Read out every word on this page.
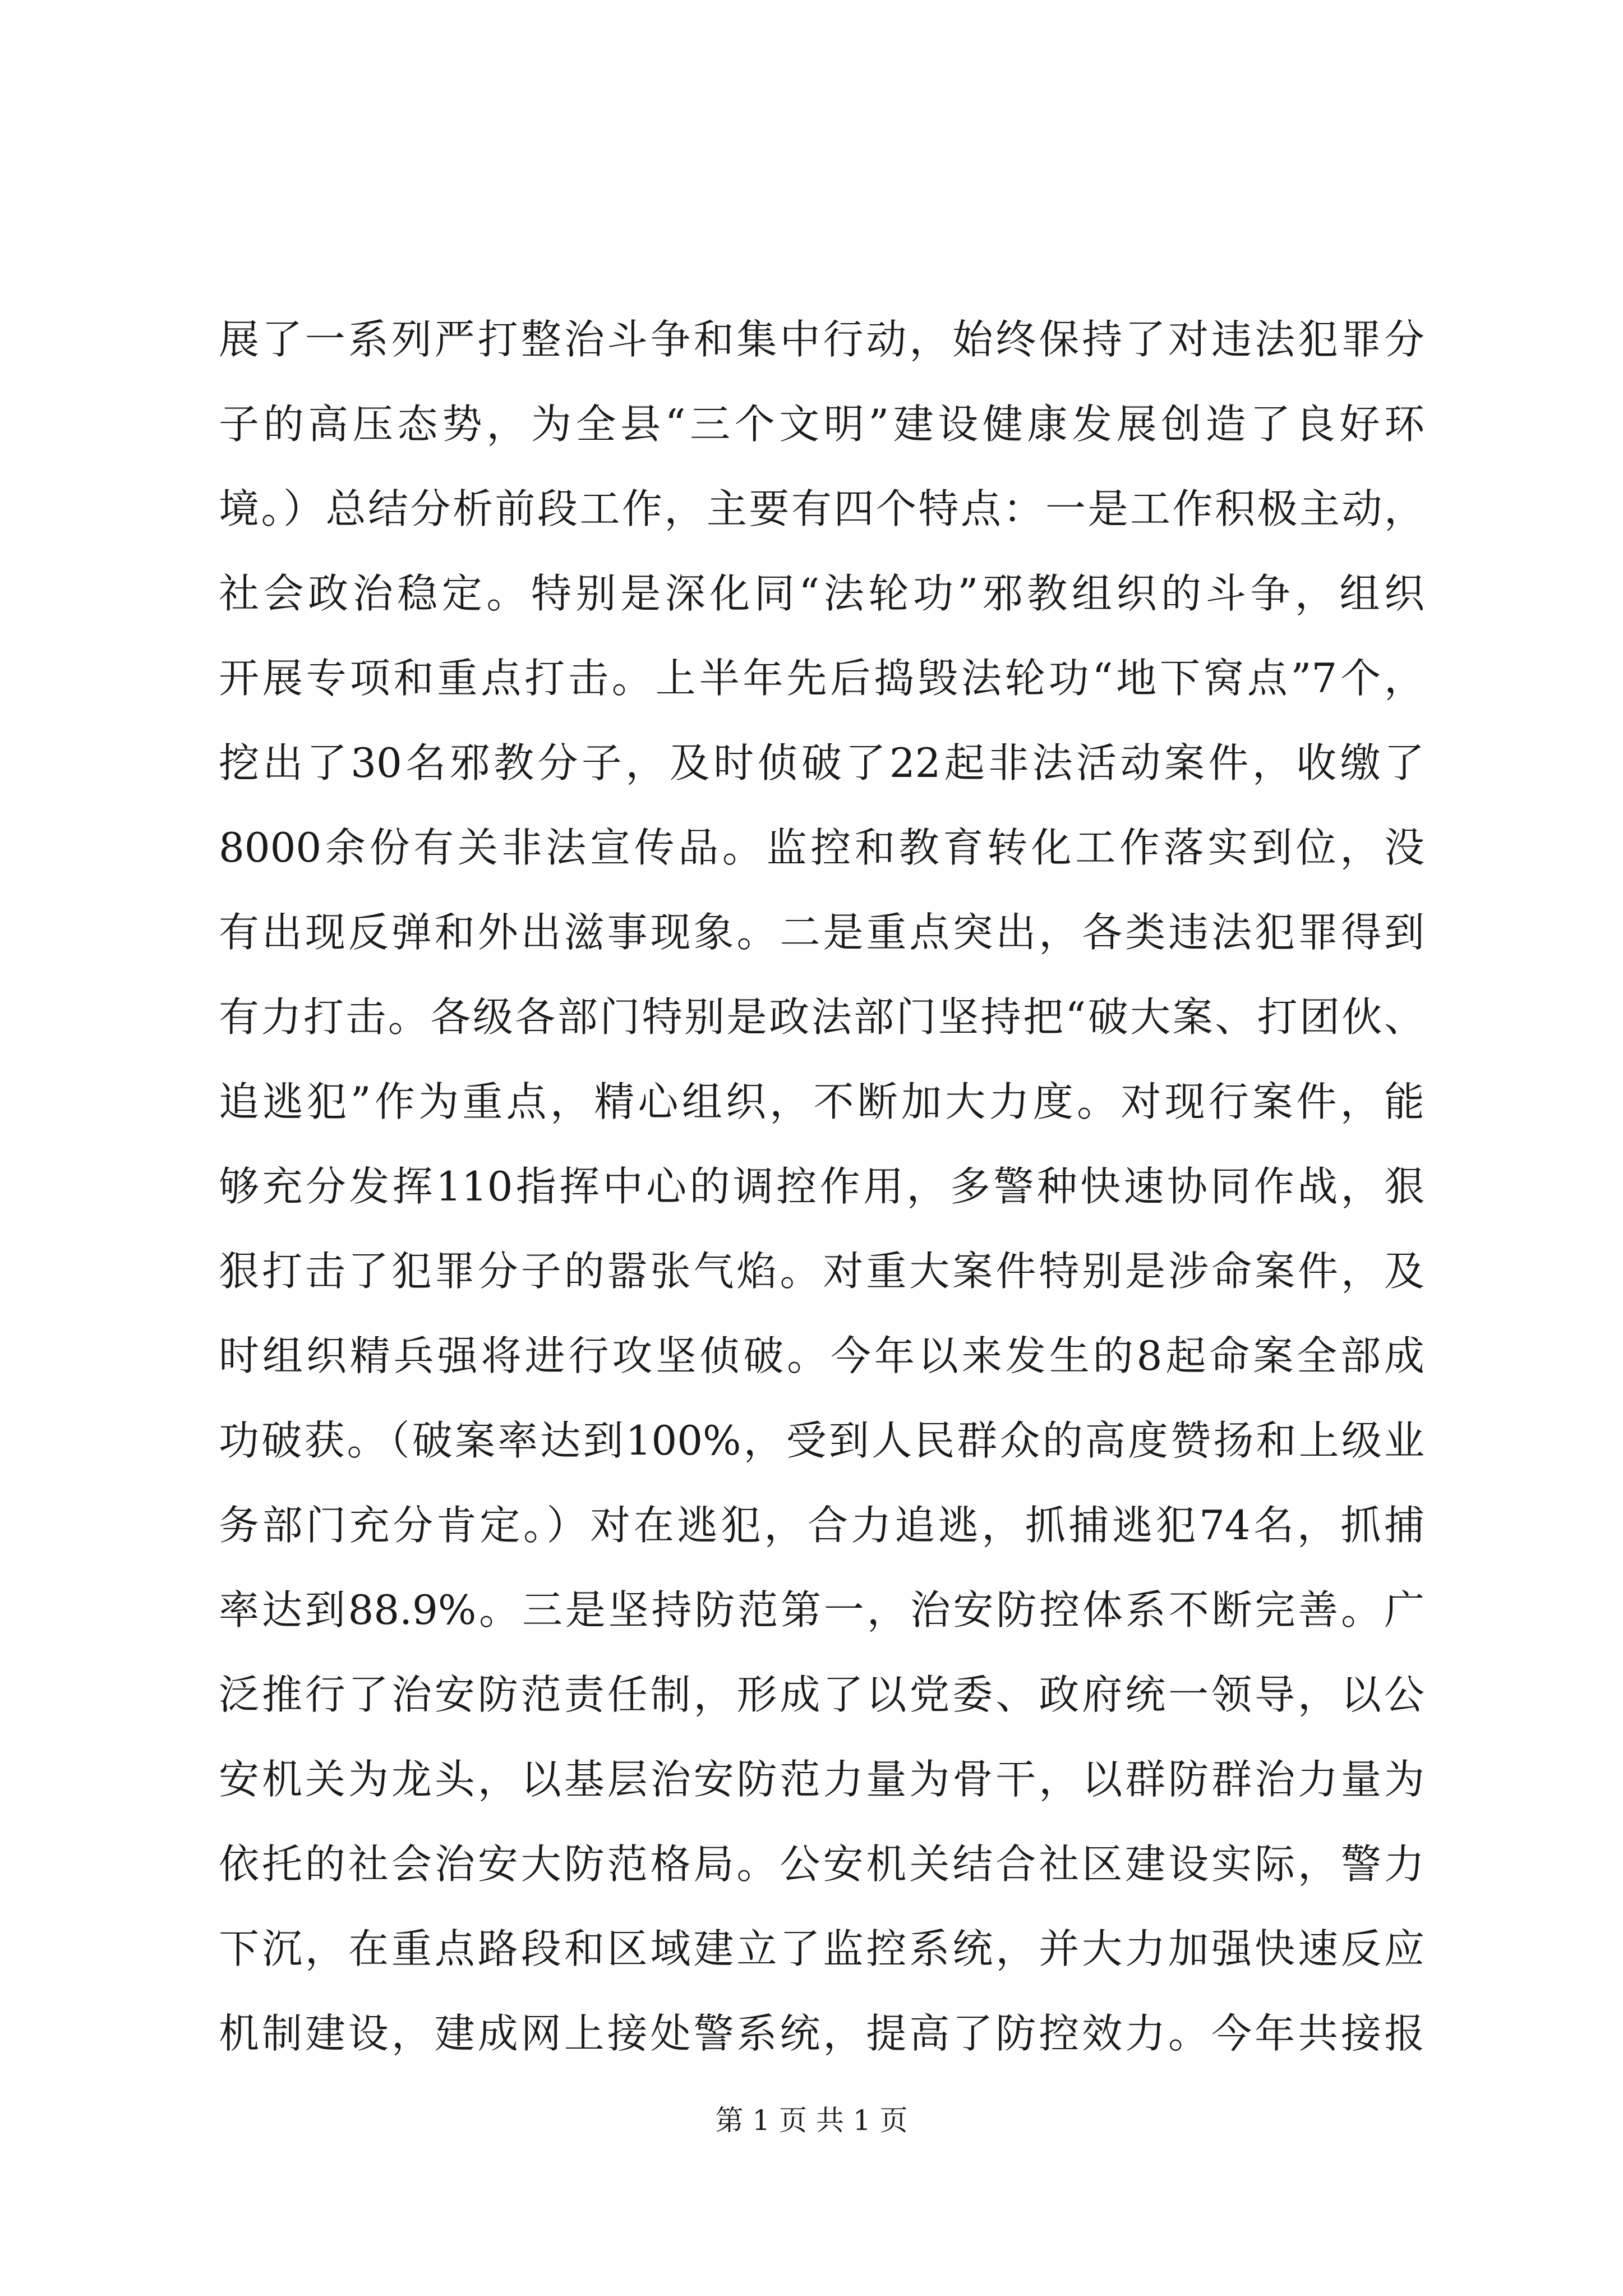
展了一系列严打整治斗争和集中行动，始终保持了对违法犯罪分
子的高压态势，为全县“三个文明”建设健康发展创造了良好环
境。）总结分析前段工作，主要有四个特点：一是工作积极主动，
社会政治稳定。特别是深化同“法轮功”邪教组织的斗争，组织
开展专项和重点打击。上半年先后捣毁法轮功“地下窝点”7个，
挖出了30名邪教分子，及时侦破了22起非法活动案件，收缴了
8000余份有关非法宣传品。监控和教育转化工作落实到位，没
有出现反弹和外出滋事现象。二是重点突出，各类违法犯罪得到
有力打击。各级各部门特别是政法部门坚持把“破大案、打团伙、
追逃犯”作为重点，精心组织，不断加大力度。对现行案件，能
够充分发挥110指挥中心的调控作用，多警种快速协同作战，狠
狠打击了犯罪分子的嚣张气焰。对重大案件特别是涉命案件，及
时组织精兵强将进行攻坚侦破。今年以来发生的8起命案全部成
功破获。（破案率达到100%，受到人民群众的高度赞扬和上级业
务部门充分肯定。）对在逃犯，合力追逃，抓捕逃犯74名，抓捕
率达到88.9%。三是坚持防范第一，治安防控体系不断完善。广
泛推行了治安防范责任制，形成了以党委、政府统一领导，以公
安机关为龙头，以基层治安防范力量为骨干，以群防群治力量为
依托的社会治安大防范格局。公安机关结合社区建设实际，警力
下沉，在重点路段和区域建立了监控系统，并大力加强快速反应
机制建设，建成网上接处警系统，提高了防控效力。今年共接报
第 1 页 共 1 页
